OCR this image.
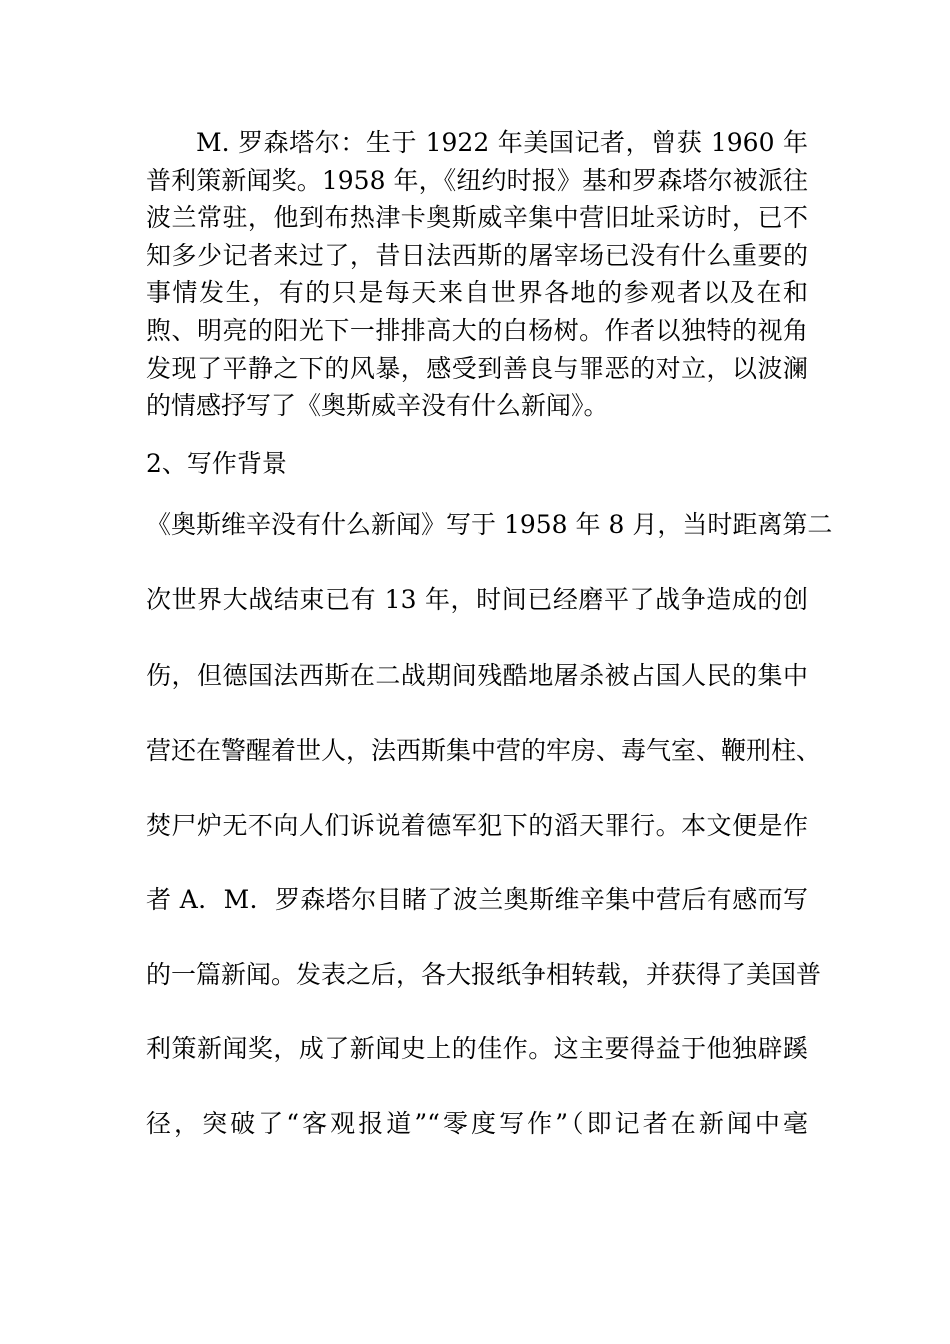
M. 罗森塔尔：生于 1922 年美国记者，曾获 1960 年普利策新闻奖。1958 年，《纽约时报》基和罗森塔尔被派往波兰常驻，他到布热津卡奥斯威辛集中营旧址采访时，已不知多少记者来过了，昔日法西斯的屠宰场已没有什么重要的事情发生，有的只是每天来自世界各地的参观者以及在和煦、明亮的阳光下一排排高大的白杨树。作者以独特的视角发现了平静之下的风暴，感受到善良与罪恶的对立，以波澜的情感抒写了《奥斯威辛没有什么新闻》。

2、写作背景

《奥斯维辛没有什么新闻》写于 1958 年 8 月，当时距离第二
次世界大战结束已有 13 年，时间已经磨平了战争造成的创
伤，但德国法西斯在二战期间残酷地屠杀被占国人民的集中
营还在警醒着世人，法西斯集中营的牢房、毒气室、鞭刑柱、
焚尸炉无不向人们诉说着德军犯下的滔天罪行。本文便是作
者 A．M．罗森塔尔目睹了波兰奥斯维辛集中营后有感而写
的一篇新闻。发表之后，各大报纸争相转载，并获得了美国普
利策新闻奖，成了新闻史上的佳作。这主要得益于他独辟蹊
径，突破了“客观报道”“零度写作”（即记者在新闻中毫
